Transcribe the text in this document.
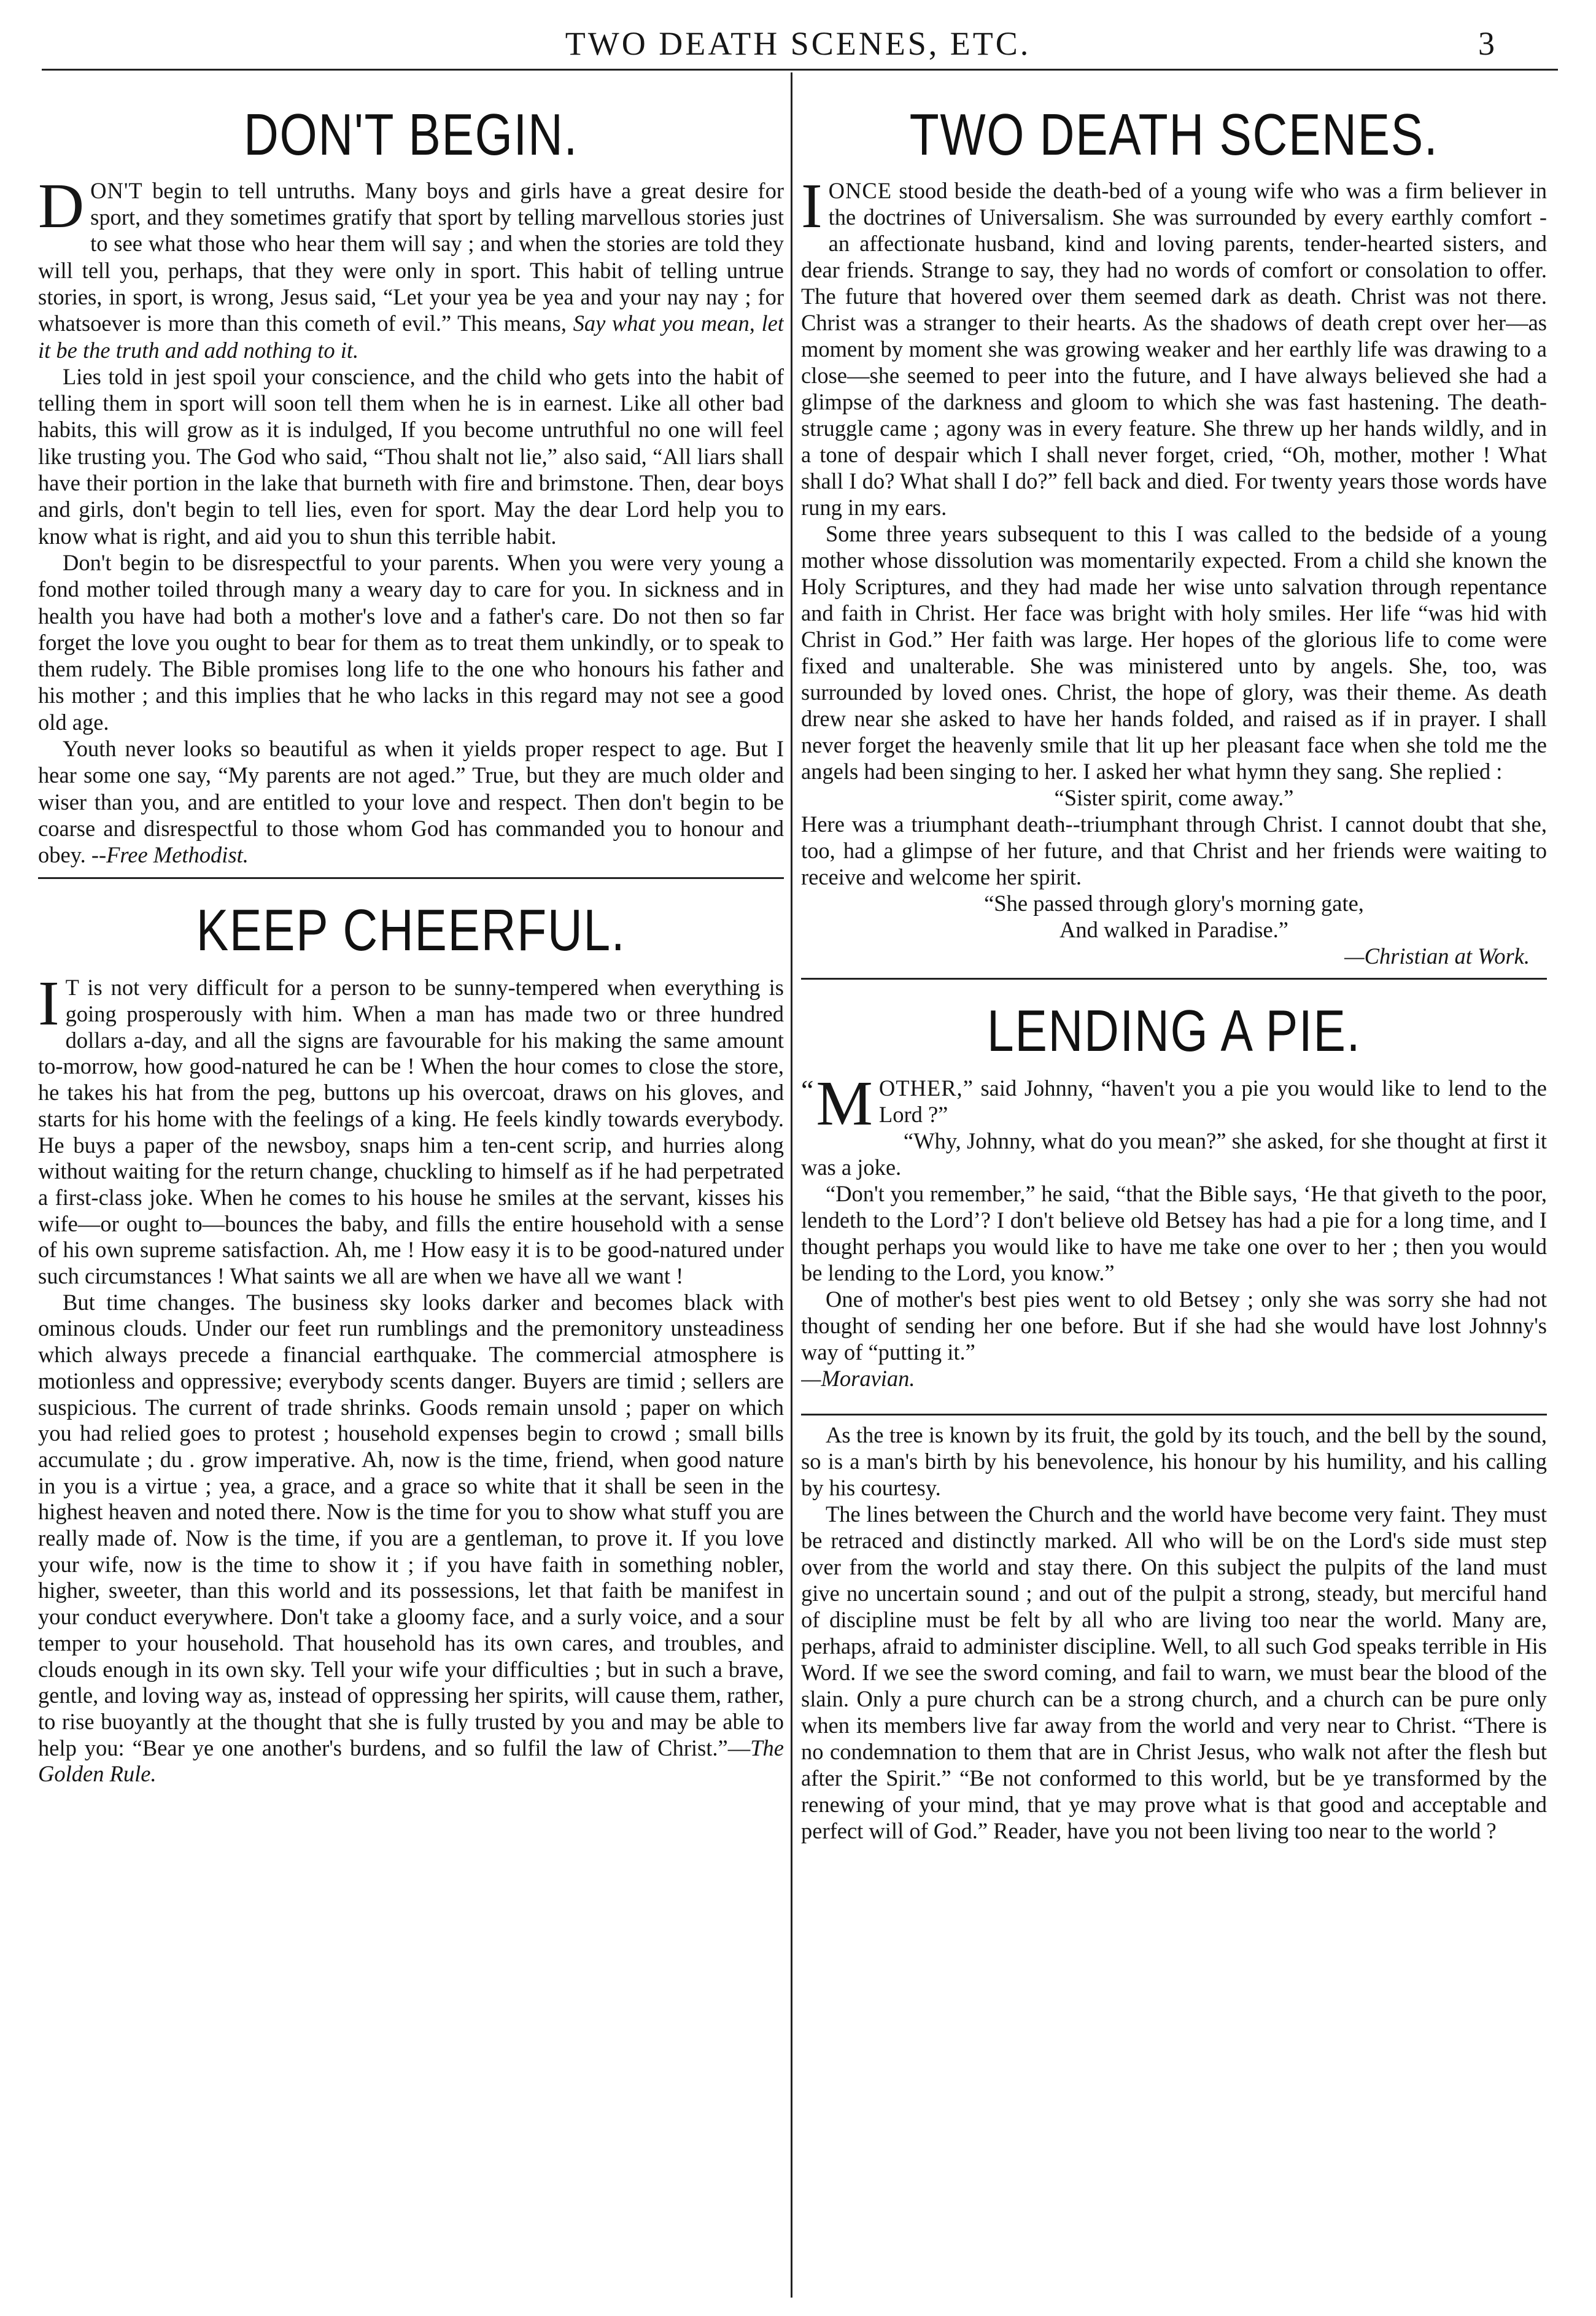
TWO DEATH SCENES, ETC.	3
DON'T BEGIN.

DON'T begin to tell untruths. Many boys and girls have a great desire for sport, and they sometimes gratify that sport by telling marvellous stories just to see what those who hear them will say ; and when the stories are told they will tell you, perhaps, that they were only in sport. This habit of telling untrue stories, in sport, is wrong, Jesus said, “Let your yea be yea and your nay nay ; for whatsoever is more than this cometh of evil.” This means, Say what you mean, let it be the truth and add nothing to it.

Lies told in jest spoil your conscience, and the child who gets into the habit of telling them in sport will soon tell them when he is in earnest. Like all other bad habits, this will grow as it is indulged, If you become untruthful no one will feel like trusting you. The God who said, “Thou shalt not lie,” also said, “All liars shall have their portion in the lake that burneth with fire and brimstone. Then, dear boys and girls, don't begin to tell lies, even for sport. May the dear Lord help you to know what is right, and aid you to shun this terrible habit.

Don't begin to be disrespectful to your parents. When you were very young a fond mother toiled through many a weary day to care for you. In sickness and in health you have had both a mother's love and a father's care. Do not then so far forget the love you ought to bear for them as to treat them unkindly, or to speak to them rudely. The Bible promises long life to the one who honours his father and his mother ; and this implies that he who lacks in this regard may not see a good old age.

Youth never looks so beautiful as when it yields proper respect to age. But I hear some one say, “My parents are not aged.” True, but they are much older and wiser than you, and are entitled to your love and respect. Then don't begin to be coarse and disrespectful to those whom God has commanded you to honour and obey. --Free Methodist.

KEEP CHEERFUL.

I T is not very difficult for a person to be sunny-tempered when everything is going prosperously with him. When a man has made two or three hundred dollars a-day, and all the signs are favourable for his making the same amount to-morrow, how good-natured he can be ! When the hour comes to close the store, he takes his hat from the peg, buttons up his overcoat, draws on his gloves, and starts for his home with the feelings of a king. He feels kindly towards everybody. He buys a paper of the newsboy, snaps him a ten-cent scrip, and hurries along without waiting for the return change, chuckling to himself as if he had perpetrated a first-class joke. When he comes to his house he smiles at the servant, kisses his wife—or ought to—bounces the baby, and fills the entire household with a sense of his own supreme satisfaction. Ah, me ! How easy it is to be good-natured under such circumstances ! What saints we all are when we have all we want !

But time changes. The business sky looks darker and becomes black with ominous clouds. Under our feet run rumblings and the premonitory unsteadiness which always precede a financial earthquake. The commercial atmosphere is motionless and oppressive; everybody scents danger. Buyers are timid ; sellers are suspicious. The current of trade shrinks. Goods remain unsold ; paper on which you had relied goes to protest ; household expenses begin to crowd ; small bills accumulate ; du . grow imperative. Ah, now is the time, friend, when good nature in you is a virtue ; yea, a grace, and a grace so white that it shall be seen in the highest heaven and noted there. Now is the time for you to show what stuff you are really made of. Now is the time, if you are a gentleman, to prove it. If you love your wife, now is the time to show it ; if you have faith in something nobler, higher, sweeter, than this world and its possessions, let that faith be manifest in your conduct everywhere. Don't take a gloomy face, and a surly voice, and a sour temper to your household. That household has its own cares, and troubles, and clouds enough in its own sky. Tell your wife your difficulties ; but in such a brave, gentle, and loving way as, instead of oppressing her spirits, will cause them, rather, to rise buoyantly at the thought that she is fully trusted by you and may be able to help you: “Bear ye one another's burdens, and so fulfil the law of Christ.”—The Golden Rule.

TWO DEATH SCENES.

IONCE stood beside the death-bed of a young wife who was a firm believer in the doctrines of Universalism. She was surrounded by every earthly comfort - an affectionate husband, kind and loving parents, tender-hearted sisters, and dear friends. Strange to say, they had no words of comfort or consolation to offer. The future that hovered over them seemed dark as death. Christ was not there. Christ was a stranger to their hearts. As the shadows of death crept over her—as moment by moment she was growing weaker and her earthly life was drawing to a close—she seemed to peer into the future, and I have always believed she had a glimpse of the darkness and gloom to which she was fast hastening. The death-struggle came ; agony was in every feature. She threw up her hands wildly, and in a tone of despair which I shall never forget, cried, “Oh, mother, mother ! What shall I do? What shall I do?” fell back and died. For twenty years those words have rung in my ears.

Some three years subsequent to this I was called to the bedside of a young mother whose dissolution was momentarily expected. From a child she known the Holy Scriptures, and they had made her wise unto salvation through repentance and faith in Christ. Her face was bright with holy smiles. Her life “was hid with Christ in God.” Her faith was large. Her hopes of the glorious life to come were fixed and unalterable. She was ministered unto by angels. She, too, was surrounded by loved ones. Christ, the hope of glory, was their theme. As death drew near she asked to have her hands folded, and raised as if in prayer. I shall never forget the heavenly smile that lit up her pleasant face when she told me the angels had been singing to her. I asked her what hymn they sang. She replied :

“Sister spirit, come away.”

Here was a triumphant death--triumphant through Christ. I cannot doubt that she, too, had a glimpse of her future, and that Christ and her friends were waiting to receive and welcome her spirit.

“She passed through glory's morning gate,

And walked in Paradise.”

—Christian at Work.

LENDING A PIE.

“ M OTHER,” said Johnny, “haven't you a pie you would like to lend to the Lord ?”

“Why, Johnny, what do you mean?” she asked, for she thought at first it was a joke.

“Don't you remember,” he said, “that the Bible says, ‘He that giveth to the poor, lendeth to the Lord’? I don't believe old Betsey has had a pie for a long time, and I thought perhaps you would like to have me take one over to her ; then you would be lending to the Lord, you know.”

One of mother's best pies went to old Betsey ; only she was sorry she had not thought of sending her one before. But if she had she would have lost Johnny's way of “putting it.”

—Moravian.

As the tree is known by its fruit, the gold by its touch, and the bell by the sound, so is a man's birth by his benevolence, his honour by his humility, and his calling by his courtesy.

The lines between the Church and the world have become very faint. They must be retraced and distinctly marked. All who will be on the Lord's side must step over from the world and stay there. On this subject the pulpits of the land must give no uncertain sound ; and out of the pulpit a strong, steady, but merciful hand of discipline must be felt by all who are living too near the world. Many are, perhaps, afraid to administer discipline. Well, to all such God speaks terrible in His Word. If we see the sword coming, and fail to warn, we must bear the blood of the slain. Only a pure church can be a strong church, and a church can be pure only when its members live far away from the world and very near to Christ. “There is no condemnation to them that are in Christ Jesus, who walk not after the flesh but after the Spirit.” “Be not conformed to this world, but be ye transformed by the renewing of your mind, that ye may prove what is that good and acceptable and perfect will of God.” Reader, have you not been living too near to the world ?
